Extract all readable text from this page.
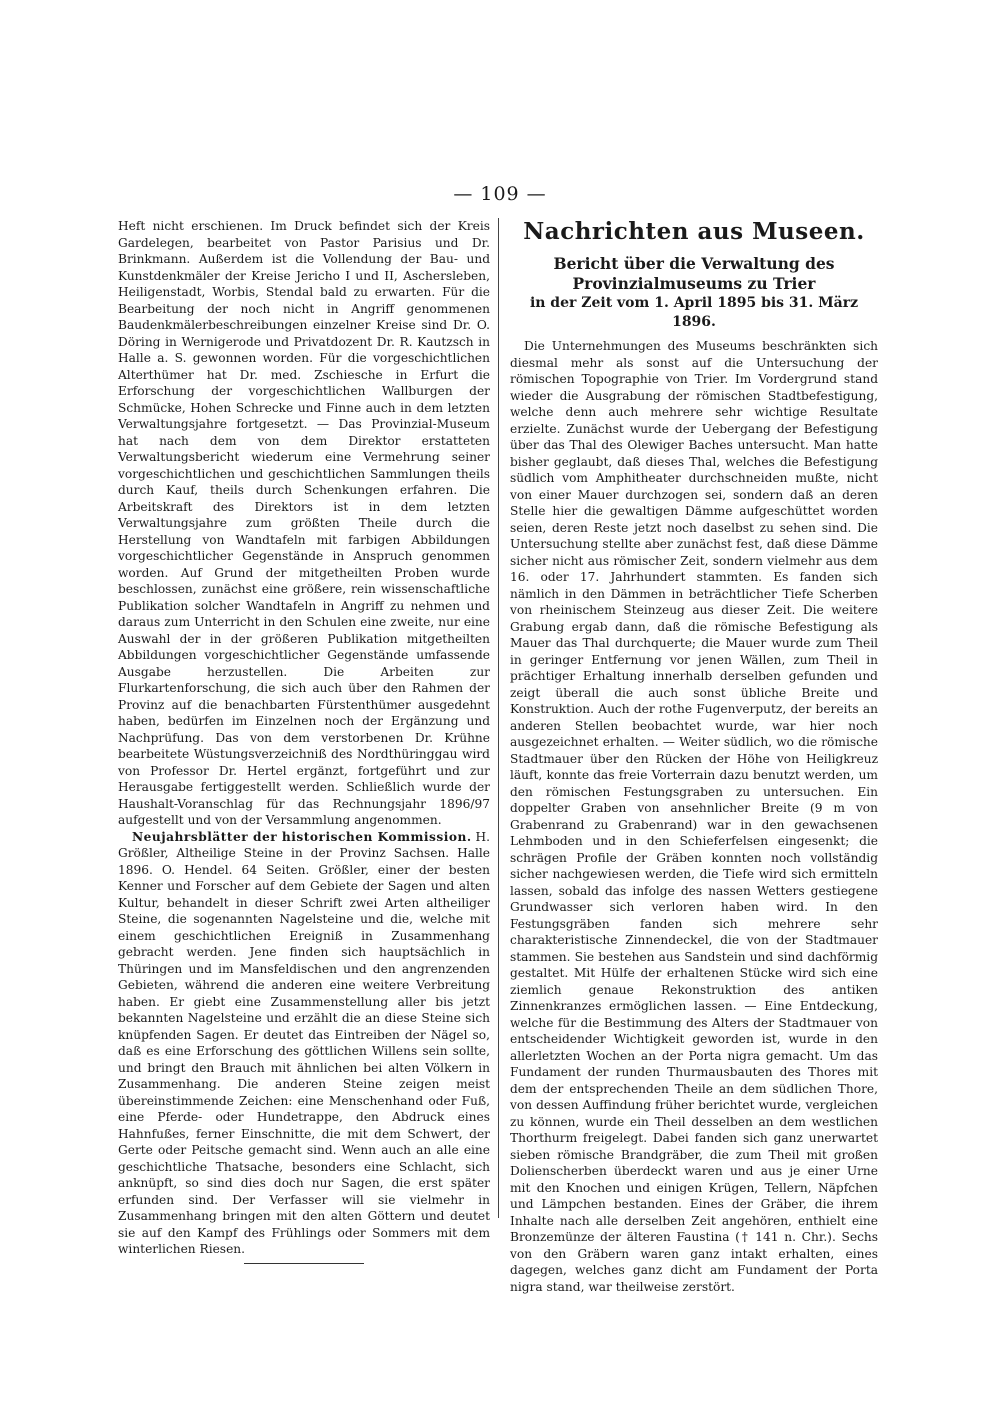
— 109 —

Heft nicht erschienen. Im Druck befindet sich der Kreis Gardelegen, bearbeitet von Pastor Parisius und Dr. Brinkmann. Außerdem ist die Vollendung der Bau- und Kunstdenkmäler der Kreise Jericho I und II, Aschersleben, Heiligenstadt, Worbis, Stendal bald zu erwarten. Für die Bearbeitung der noch nicht in Angriff genommenen Baudenkmälerbeschreibungen einzelner Kreise sind Dr. O. Döring in Wernigerode und Privatdozent Dr. R. Kautzsch in Halle a. S. gewonnen worden. Für die vorgeschichtlichen Alterthümer hat Dr. med. Zschiesche in Erfurt die Erforschung der vorgeschichtlichen Wallburgen der Schmücke, Hohen Schrecke und Finne auch in dem letzten Verwaltungsjahre fortgesetzt. — Das Provinzial-Museum hat nach dem von dem Direktor erstatteten Verwaltungsbericht wiederum eine Vermehrung seiner vorgeschichtlichen und geschichtlichen Sammlungen theils durch Kauf, theils durch Schenkungen erfahren. Die Arbeitskraft des Direktors ist in dem letzten Verwaltungsjahre zum größten Theile durch die Herstellung von Wandtafeln mit farbigen Abbildungen vorgeschichtlicher Gegenstände in Anspruch genommen worden. Auf Grund der mitgetheilten Proben wurde beschlossen, zunächst eine größere, rein wissenschaftliche Publikation solcher Wandtafeln in Angriff zu nehmen und daraus zum Unterricht in den Schulen eine zweite, nur eine Auswahl der in der größeren Publikation mitgetheilten Abbildungen vorgeschichtlicher Gegenstände umfassende Ausgabe herzustellen. Die Arbeiten zur Flurkartenforschung, die sich auch über den Rahmen der Provinz auf die benachbarten Fürstenthümer ausgedehnt haben, bedürfen im Einzelnen noch der Ergänzung und Nachprüfung. Das von dem verstorbenen Dr. Krühne bearbeitete Wüstungsverzeichniß des Nordthüringgau wird von Professor Dr. Hertel ergänzt, fortgeführt und zur Herausgabe fertiggestellt werden. Schließlich wurde der Haushalt-Voranschlag für das Rechnungsjahr 1896/97 aufgestellt und von der Versammlung angenommen.

Neujahrsblätter der historischen Kommission. H. Größler, Altheilige Steine in der Provinz Sachsen. Halle 1896. O. Hendel. 64 Seiten. Größler, einer der besten Kenner und Forscher auf dem Gebiete der Sagen und alten Kultur, behandelt in dieser Schrift zwei Arten altheiliger Steine, die sogenannten Nagelsteine und die, welche mit einem geschichtlichen Ereigniß in Zusammenhang gebracht werden. Jene finden sich hauptsächlich in Thüringen und im Mansfeldischen und den angrenzenden Gebieten, während die anderen eine weitere Verbreitung haben. Er giebt eine Zusammenstellung aller bis jetzt bekannten Nagelsteine und erzählt die an diese Steine sich knüpfenden Sagen. Er deutet das Eintreiben der Nägel so, daß es eine Erforschung des göttlichen Willens sein sollte, und bringt den Brauch mit ähnlichen bei alten Völkern in Zusammenhang. Die anderen Steine zeigen meist übereinstimmende Zeichen: eine Menschenhand oder Fuß, eine Pferde- oder Hundetrappe, den Abdruck eines Hahnfußes, ferner Einschnitte, die mit dem Schwert, der Gerte oder Peitsche gemacht sind. Wenn auch an alle eine geschichtliche Thatsache, besonders eine Schlacht, sich anknüpft, so sind dies doch nur Sagen, die erst später erfunden sind. Der Verfasser will sie vielmehr in Zusammenhang bringen mit den alten Göttern und deutet sie auf den Kampf des Frühlings oder Sommers mit dem winterlichen Riesen.

Nachrichten aus Museen.
Bericht über die Verwaltung des Provinzialmuseums zu Trier
in der Zeit vom 1. April 1895 bis 31. März 1896.

Die Unternehmungen des Museums beschränkten sich diesmal mehr als sonst auf die Untersuchung der römischen Topographie von Trier. Im Vordergrund stand wieder die Ausgrabung der römischen Stadtbefestigung, welche denn auch mehrere sehr wichtige Resultate erzielte. Zunächst wurde der Uebergang der Befestigung über das Thal des Olewiger Baches untersucht. Man hatte bisher geglaubt, daß dieses Thal, welches die Befestigung südlich vom Amphitheater durchschneiden mußte, nicht von einer Mauer durchzogen sei, sondern daß an deren Stelle hier die gewaltigen Dämme aufgeschüttet worden seien, deren Reste jetzt noch daselbst zu sehen sind. Die Untersuchung stellte aber zunächst fest, daß diese Dämme sicher nicht aus römischer Zeit, sondern vielmehr aus dem 16. oder 17. Jahrhundert stammten. Es fanden sich nämlich in den Dämmen in beträchtlicher Tiefe Scherben von rheinischem Steinzeug aus dieser Zeit. Die weitere Grabung ergab dann, daß die römische Befestigung als Mauer das Thal durchquerte; die Mauer wurde zum Theil in geringer Entfernung vor jenen Wällen, zum Theil in prächtiger Erhaltung innerhalb derselben gefunden und zeigt überall die auch sonst übliche Breite und Konstruktion. Auch der rothe Fugenverputz, der bereits an anderen Stellen beobachtet wurde, war hier noch ausgezeichnet erhalten. — Weiter südlich, wo die römische Stadtmauer über den Rücken der Höhe von Heiligkreuz läuft, konnte das freie Vorterrain dazu benutzt werden, um den römischen Festungsgraben zu untersuchen. Ein doppelter Graben von ansehnlicher Breite (9 m von Grabenrand zu Grabenrand) war in den gewachsenen Lehmboden und in den Schieferfelsen eingesenkt; die schrägen Profile der Gräben konnten noch vollständig sicher nachgewiesen werden, die Tiefe wird sich ermitteln lassen, sobald das infolge des nassen Wetters gestiegene Grundwasser sich verloren haben wird. In den Festungsgräben fanden sich mehrere sehr charakteristische Zinnendeckel, die von der Stadtmauer stammen. Sie bestehen aus Sandstein und sind dachförmig gestaltet. Mit Hülfe der erhaltenen Stücke wird sich eine ziemlich genaue Rekonstruktion des antiken Zinnenkranzes ermöglichen lassen. — Eine Entdeckung, welche für die Bestimmung des Alters der Stadtmauer von entscheidender Wichtigkeit geworden ist, wurde in den allerletzten Wochen an der Porta nigra gemacht. Um das Fundament der runden Thurmausbauten des Thores mit dem der entsprechenden Theile an dem südlichen Thore, von dessen Auffindung früher berichtet wurde, vergleichen zu können, wurde ein Theil desselben an dem westlichen Thorthurm freigelegt. Dabei fanden sich ganz unerwartet sieben römische Brandgräber, die zum Theil mit großen Dolienscherben überdeckt waren und aus je einer Urne mit den Knochen und einigen Krügen, Tellern, Näpfchen und Lämpchen bestanden. Eines der Gräber, die ihrem Inhalte nach alle derselben Zeit angehören, enthielt eine Bronzemünze der älteren Faustina († 141 n. Chr.). Sechs von den Gräbern waren ganz intakt erhalten, eines dagegen, welches ganz dicht am Fundament der Porta nigra stand, war theilweise zerstört.
